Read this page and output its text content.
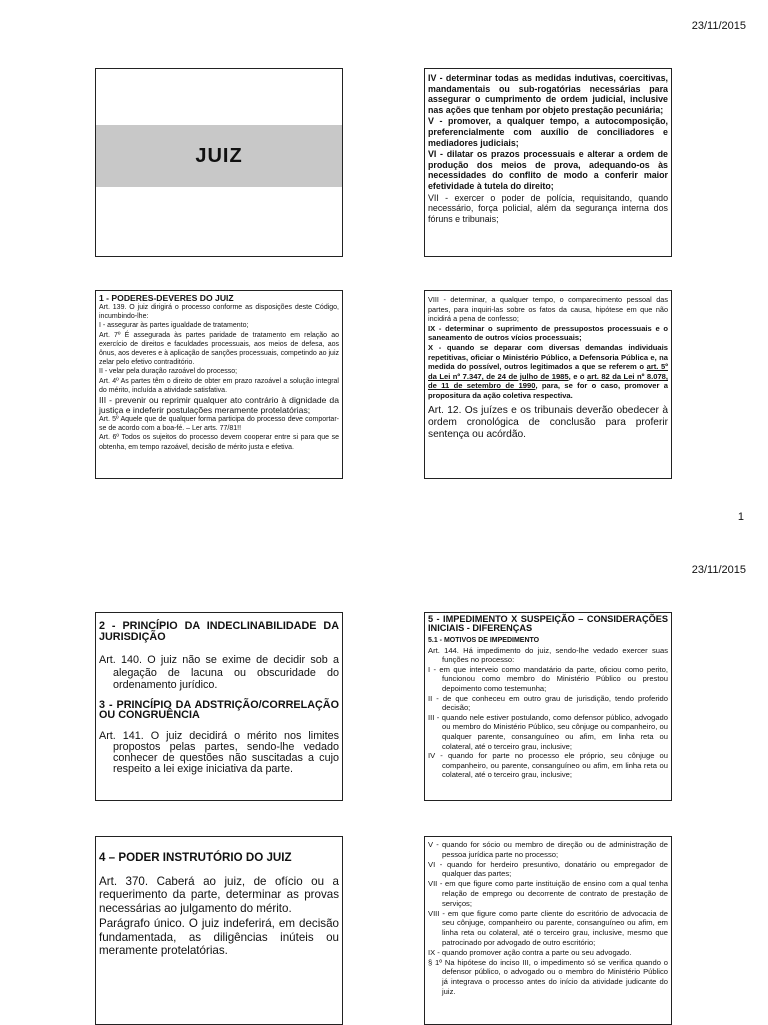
23/11/2015
JUIZ

IV - determinar todas as medidas indutivas, coercitivas, mandamentais ou sub-rogatórias necessárias para assegurar o cumprimento de ordem judicial, inclusive nas ações que tenham por objeto prestação pecuniária;

V - promover, a qualquer tempo, a autocomposição, preferencialmente com auxílio de conciliadores e mediadores judiciais;

VI - dilatar os prazos processuais e alterar a ordem de produção dos meios de prova, adequando-os às necessidades do conflito de modo a conferir maior efetividade à tutela do direito;

VII - exercer o poder de polícia, requisitando, quando necessário, força policial, além da segurança interna dos fóruns e tribunais;

1 - PODERES-DEVERES DO JUIZ

Art. 139. O juiz dirigirá o processo conforme as disposições deste Código, incumbindo-lhe:

I - assegurar às partes igualdade de tratamento;

Art. 7º É assegurada às partes paridade de tratamento em relação ao exercício de direitos e faculdades processuais, aos meios de defesa, aos ônus, aos deveres e à aplicação de sanções processuais, competindo ao juiz zelar pelo efetivo contraditório.

II - velar pela duração razoável do processo;

Art. 4º As partes têm o direito de obter em prazo razoável a solução integral do mérito, incluída a atividade satisfativa.

III - prevenir ou reprimir qualquer ato contrário à dignidade da justiça e indeferir postulações meramente protelatórias;

Art. 5º Aquele que de qualquer forma participa do processo deve comportar-se de acordo com a boa-fé. – Ler arts. 77/81!!

Art. 6º Todos os sujeitos do processo devem cooperar entre si para que se obtenha, em tempo razoável, decisão de mérito justa e efetiva.

VIII - determinar, a qualquer tempo, o comparecimento pessoal das partes, para inquiri-las sobre os fatos da causa, hipótese em que não incidirá a pena de confesso;

IX - determinar o suprimento de pressupostos processuais e o saneamento de outros vícios processuais;

X - quando se deparar com diversas demandas individuais repetitivas, oficiar o Ministério Público, a Defensoria Pública e, na medida do possível, outros legitimados a que se referem o art. 5º da Lei nº 7.347, de 24 de julho de 1985, e o art. 82 da Lei nº 8.078, de 11 de setembro de 1990, para, se for o caso, promover a propositura da ação coletiva respectiva.

Art. 12. Os juízes e os tribunais deverão obedecer à ordem cronológica de conclusão para proferir sentença ou acórdão.

1
23/11/2015

2 - PRINCÍPIO DA INDECLINABILIDADE DA JURISDIÇÃO

Art. 140. O juiz não se exime de decidir sob a alegação de lacuna ou obscuridade do ordenamento jurídico.

3 - PRINCÍPIO DA ADSTRIÇÃO/CORRELAÇÃO OU CONGRUÊNCIA

Art. 141. O juiz decidirá o mérito nos limites propostos pelas partes, sendo-lhe vedado conhecer de questões não suscitadas a cujo respeito a lei exige iniciativa da parte.

5 - IMPEDIMENTO X SUSPEIÇÃO – CONSIDERAÇÕES INICIAIS - DIFERENÇAS

5.1 - MOTIVOS DE IMPEDIMENTO

Art. 144. Há impedimento do juiz, sendo-lhe vedado exercer suas funções no processo:

I - em que interveio como mandatário da parte, oficiou como perito, funcionou como membro do Ministério Público ou prestou depoimento como testemunha;

II - de que conheceu em outro grau de jurisdição, tendo proferido decisão;

III - quando nele estiver postulando, como defensor público, advogado ou membro do Ministério Público, seu cônjuge ou companheiro, ou qualquer parente, consanguíneo ou afim, em linha reta ou colateral, até o terceiro grau, inclusive;

IV - quando for parte no processo ele próprio, seu cônjuge ou companheiro, ou parente, consanguíneo ou afim, em linha reta ou colateral, até o terceiro grau, inclusive;

4 – PODER INSTRUTÓRIO DO JUIZ

Art. 370. Caberá ao juiz, de ofício ou a requerimento da parte, determinar as provas necessárias ao julgamento do mérito.

Parágrafo único. O juiz indeferirá, em decisão fundamentada, as diligências inúteis ou meramente protelatórias.

V - quando for sócio ou membro de direção ou de administração de pessoa jurídica parte no processo;

VI - quando for herdeiro presuntivo, donatário ou empregador de qualquer das partes;

VII - em que figure como parte instituição de ensino com a qual tenha relação de emprego ou decorrente de contrato de prestação de serviços;

VIII - em que figure como parte cliente do escritório de advocacia de seu cônjuge, companheiro ou parente, consanguíneo ou afim, em linha reta ou colateral, até o terceiro grau, inclusive, mesmo que patrocinado por advogado de outro escritório;

IX - quando promover ação contra a parte ou seu advogado.

§ 1º Na hipótese do inciso III, o impedimento só se verifica quando o defensor público, o advogado ou o membro do Ministério Público já integrava o processo antes do início da atividade judicante do juiz.
